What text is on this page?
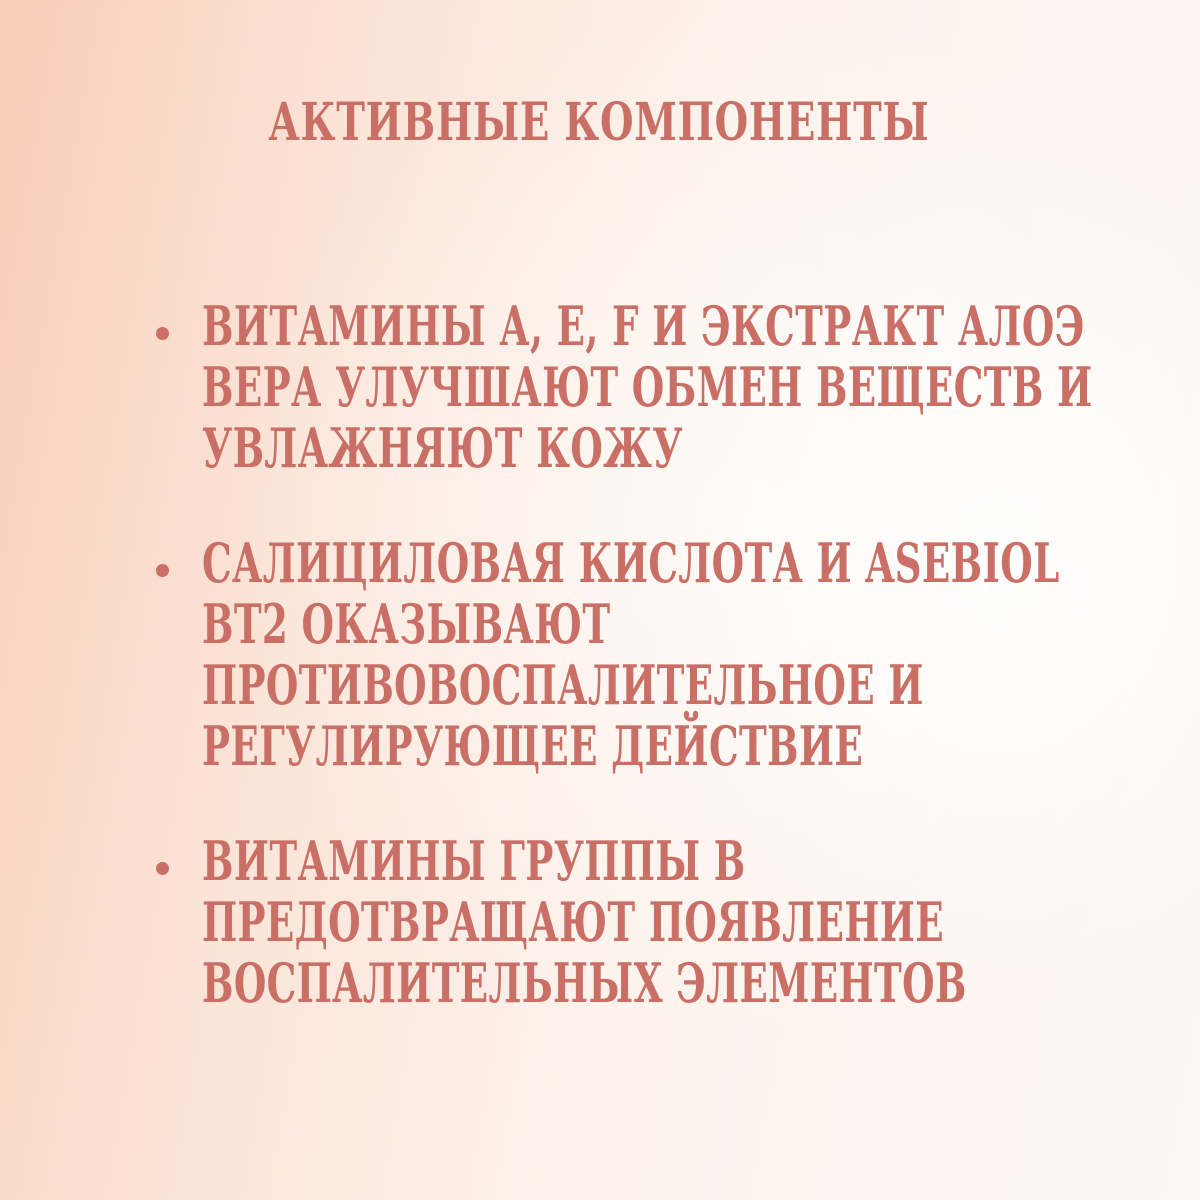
АКТИВНЫЕ КОМПОНЕНТЫ
ВИТАМИНЫ А, Е, F И ЭКСТРАКТ АЛОЭ
ВЕРА УЛУЧШАЮТ ОБМЕН ВЕЩЕСТВ И
УВЛАЖНЯЮТ КОЖУ
САЛИЦИЛОВАЯ КИСЛОТА И ASEBIOL
BT2 ОКАЗЫВАЮТ
ПРОТИВОВОСПАЛИТЕЛЬНОЕ И
РЕГУЛИРУЮЩЕЕ ДЕЙСТВИЕ
ВИТАМИНЫ ГРУППЫ В
ПРЕДОТВРАЩАЮТ ПОЯВЛЕНИЕ
ВОСПАЛИТЕЛЬНЫХ ЭЛЕМЕНТОВ
